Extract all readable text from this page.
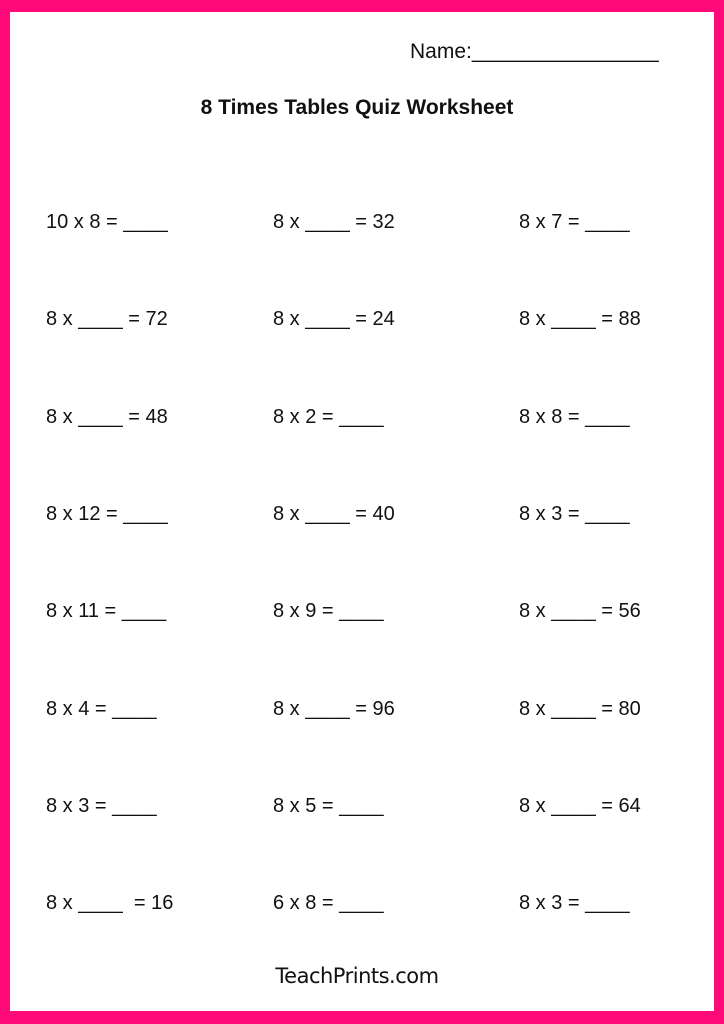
Name:________________
8 Times Tables Quiz Worksheet
10 x 8 = ____	8 x ____ = 32	8 x 7 = ____
8 x ____ = 72	8 x ____ = 24	8 x ____ = 88
8 x ____ = 48	8 x 2 = ____	8 x 8 = ____
8 x 12 = ____	8 x ____ = 40	8 x 3 = ____
8 x 11 = ____	8 x 9 = ____	8 x ____ = 56
8 x 4 = ____	8 x ____ = 96	8 x ____ = 80
8 x 3 = ____	8 x 5 = ____	8 x ____ = 64
8 x ____  = 16	6 x 8 = ____	8 x 3 = ____
TeachPrints.com
